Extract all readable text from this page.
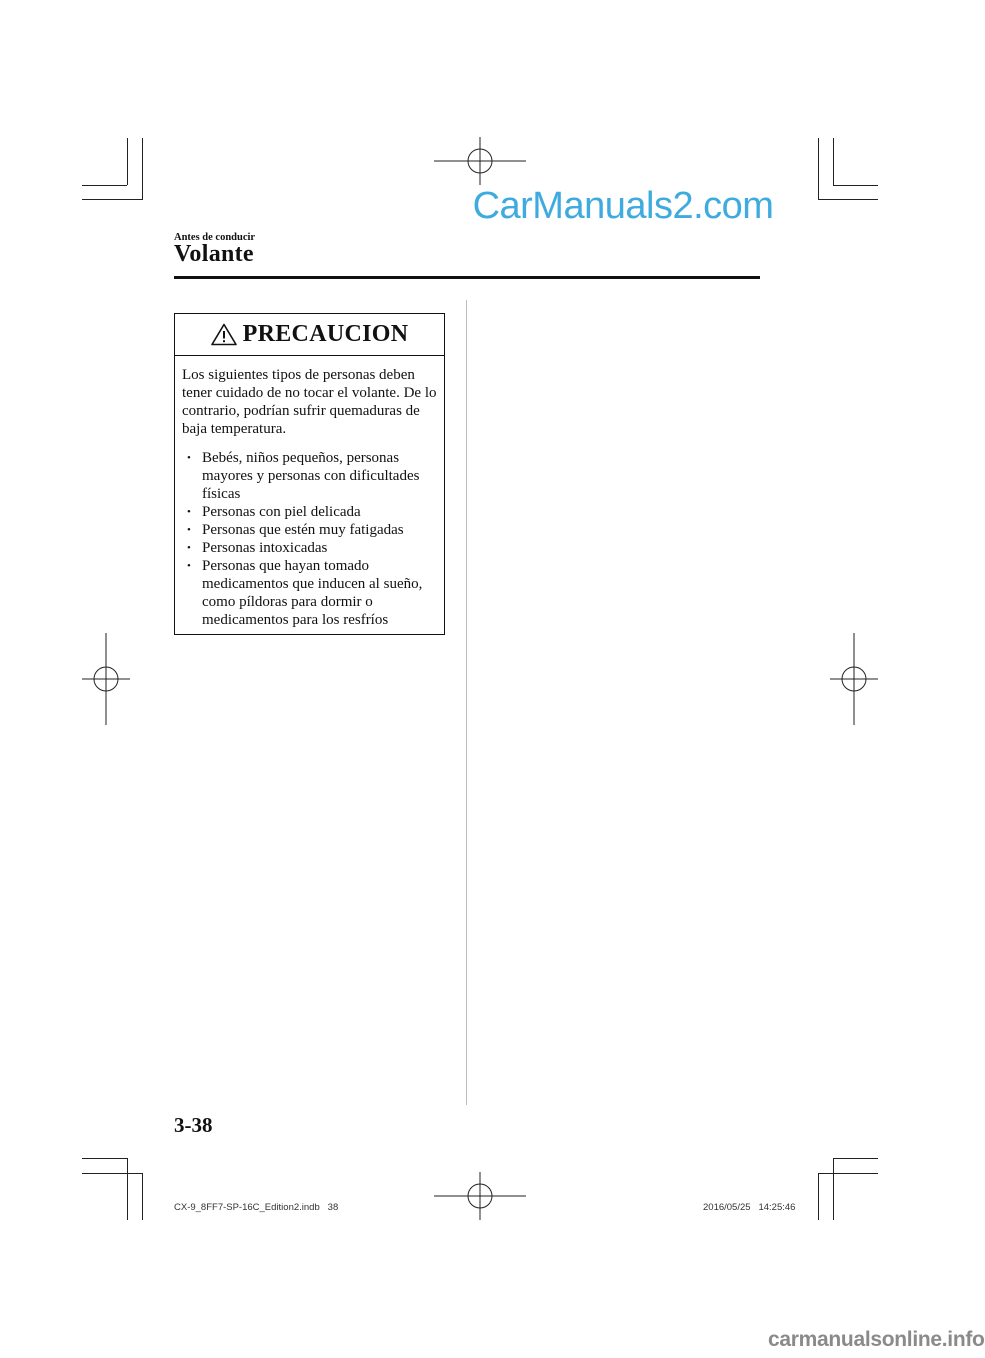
CarManuals2.com
Antes de conducir
Volante
PRECAUCION

Los siguientes tipos de personas deben tener cuidado de no tocar el volante. De lo contrario, podrían sufrir quemaduras de baja temperatura.

• Bebés, niños pequeños, personas mayores y personas con dificultades físicas
• Personas con piel delicada
• Personas que estén muy fatigadas
• Personas intoxicadas
• Personas que hayan tomado medicamentos que inducen al sueño, como píldoras para dormir o medicamentos para los resfríos
3-38
CX-9_8FF7-SP-16C_Edition2.indb   38	2016/05/25   14:25:46
carmanualsonline.info
